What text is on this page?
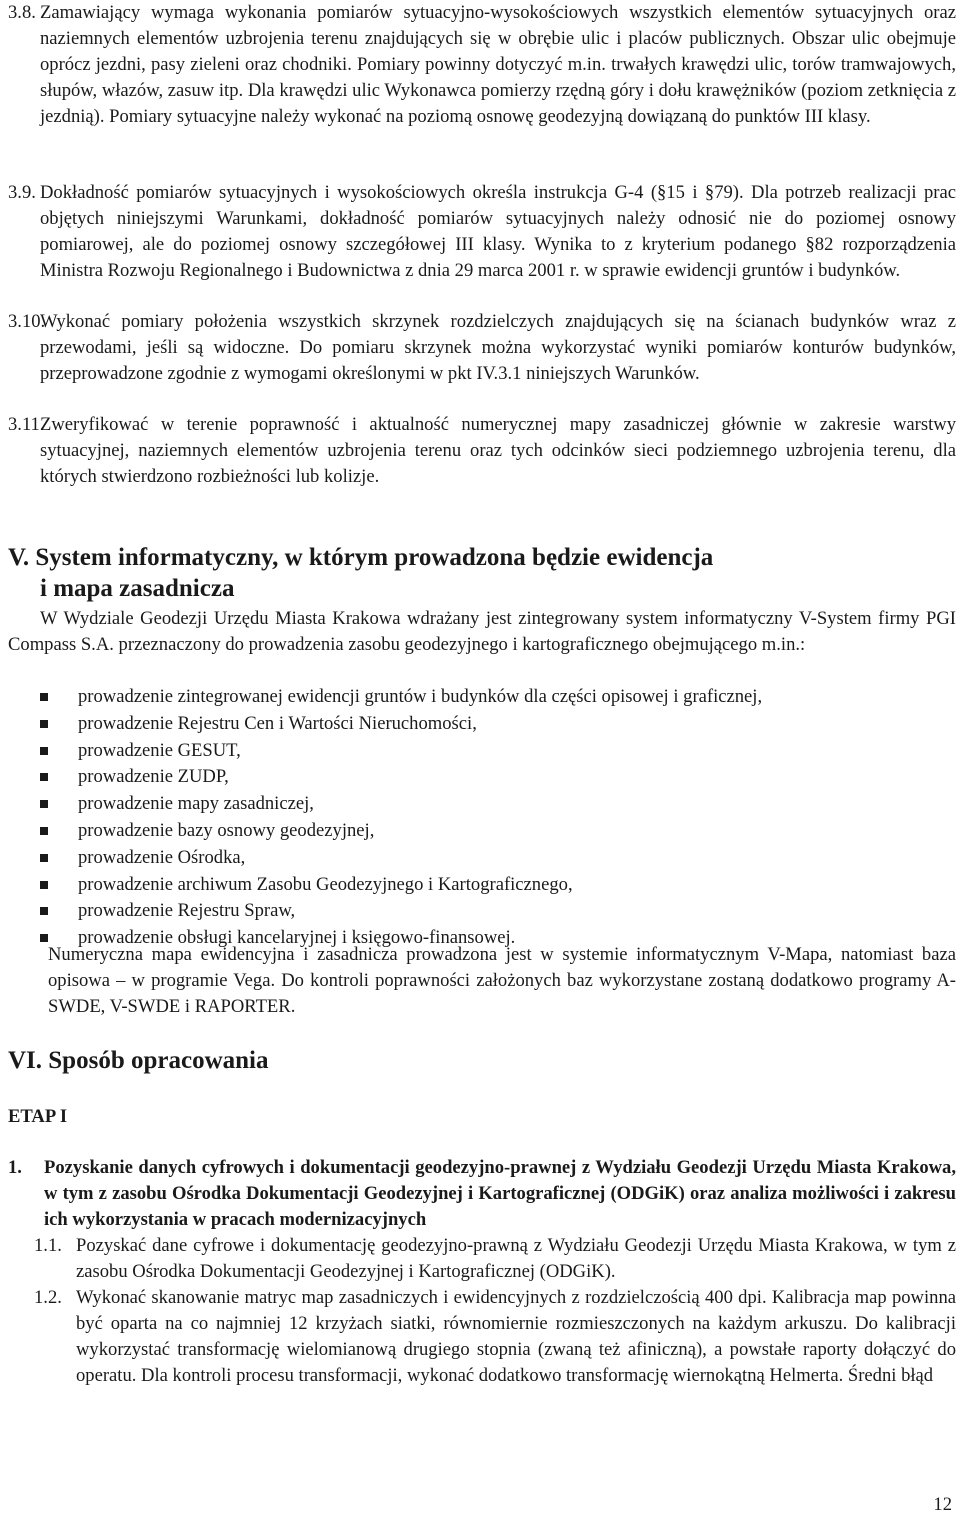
3.8. Zamawiający wymaga wykonania pomiarów sytuacyjno-wysokościowych wszystkich elementów sytuacyjnych oraz naziemnych elementów uzbrojenia terenu znajdujących się w obrębie ulic i placów publicznych. Obszar ulic obejmuje oprócz jezdni, pasy zieleni oraz chodniki. Pomiary powinny dotyczyć m.in. trwałych krawędzi ulic, torów tramwajowych, słupów, włazów, zasuw itp. Dla krawędzi ulic Wykonawca pomierzy rzędną góry i dołu krawężników (poziom zetknięcia z jezdnią). Pomiary sytuacyjne należy wykonać na poziomą osnowę geodezyjną dowiązaną do punktów III klasy.

3.9. Dokładność pomiarów sytuacyjnych i wysokościowych określa instrukcja G-4 (§15 i §79). Dla potrzeb realizacji prac objętych niniejszymi Warunkami, dokładność pomiarów sytuacyjnych należy odnosić nie do poziomej osnowy pomiarowej, ale do poziomej osnowy szczegółowej III klasy. Wynika to z kryterium podanego §82 rozporządzenia Ministra Rozwoju Regionalnego i Budownictwa z dnia 29 marca 2001 r. w sprawie ewidencji gruntów i budynków.

3.10.

Wykonać pomiary położenia wszystkich skrzynek rozdzielczych znajdujących się na ścianach budynków wraz z przewodami, jeśli są widoczne. Do pomiaru skrzynek można wykorzystać wyniki pomiarów konturów budynków, przeprowadzone zgodnie z wymogami określonymi w pkt IV.3.1 niniejszych Warunków.

3.11.

Zweryfikować w terenie poprawność i aktualność numerycznej mapy zasadniczej głównie w zakresie warstwy sytuacyjnej, naziemnych elementów uzbrojenia terenu oraz tych odcinków sieci podziemnego uzbrojenia terenu, dla których stwierdzono rozbieżności lub kolizje.

V. System informatyczny, w którym prowadzona będzie ewidencja
i mapa zasadnicza

W Wydziale Geodezji Urzędu Miasta Krakowa wdrażany jest zintegrowany system informatyczny V-System firmy PGI Compass S.A. przeznaczony do prowadzenia zasobu geodezyjnego i kartograficznego obejmującego m.in.:

prowadzenie zintegrowanej ewidencji gruntów i budynków dla części opisowej i graficznej,
prowadzenie Rejestru Cen i Wartości Nieruchomości,
prowadzenie GESUT,
prowadzenie ZUDP,
prowadzenie mapy zasadniczej,
prowadzenie bazy osnowy geodezyjnej,
prowadzenie Ośrodka,
prowadzenie archiwum Zasobu Geodezyjnego i Kartograficznego,
prowadzenie Rejestru Spraw,
prowadzenie obsługi kancelaryjnej i księgowo-finansowej.

Numeryczna mapa ewidencyjna i zasadnicza prowadzona jest w systemie informatycznym V-Mapa, natomiast baza opisowa – w programie Vega. Do kontroli poprawności założonych baz wykorzystane zostaną dodatkowo programy A-SWDE, V-SWDE i RAPORTER.

VI. Sposób opracowania
ETAP I

1. Pozyskanie danych cyfrowych i dokumentacji geodezyjno-prawnej z Wydziału Geodezji Urzędu Miasta Krakowa, w tym z zasobu Ośrodka Dokumentacji Geodezyjnej i Kartograficznej (ODGiK) oraz analiza możliwości i zakresu ich wykorzystania w pracach modernizacyjnych

1.1. Pozyskać dane cyfrowe i dokumentację geodezyjno-prawną z Wydziału Geodezji Urzędu Miasta Krakowa, w tym z zasobu Ośrodka Dokumentacji Geodezyjnej i Kartograficznej (ODGiK).

1.2. Wykonać skanowanie matryc map zasadniczych i ewidencyjnych z rozdzielczością 400 dpi. Kalibracja map powinna być oparta na co najmniej 12 krzyżach siatki, równomiernie rozmieszczonych na każdym arkuszu. Do kalibracji wykorzystać transformację wielomianową drugiego stopnia (zwaną też afiniczną), a powstałe raporty dołączyć do operatu. Dla kontroli procesu transformacji, wykonać dodatkowo transformację wiernokątną Helmerta. Średni błąd

12
